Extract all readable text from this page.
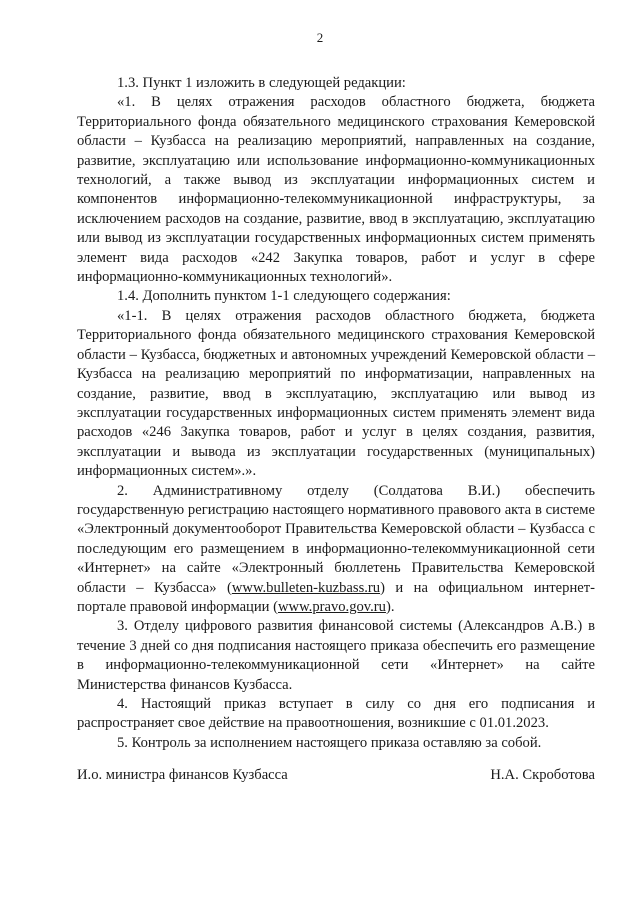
2

1.3. Пункт 1 изложить в следующей редакции:

«1. В целях отражения расходов областного бюджета, бюджета Территориального фонда обязательного медицинского страхования Кемеровской области – Кузбасса на реализацию мероприятий, направленных на создание, развитие, эксплуатацию или использование информационно-коммуникационных технологий, а также вывод из эксплуатации информационных систем и компонентов информационно-телекоммуникационной инфраструктуры, за исключением расходов на создание, развитие, ввод в эксплуатацию, эксплуатацию или вывод из эксплуатации государственных информационных систем применять элемент вида расходов «242 Закупка товаров, работ и услуг в сфере информационно-коммуникационных технологий».

1.4. Дополнить пунктом 1-1 следующего содержания:

«1-1. В целях отражения расходов областного бюджета, бюджета Территориального фонда обязательного медицинского страхования Кемеровской области – Кузбасса, бюджетных и автономных учреждений Кемеровской области – Кузбасса на реализацию мероприятий по информатизации, направленных на создание, развитие, ввод в эксплуатацию, эксплуатацию или вывод из эксплуатации государственных информационных систем применять элемент вида расходов «246 Закупка товаров, работ и услуг в целях создания, развития, эксплуатации и вывода из эксплуатации государственных (муниципальных) информационных систем».».

2. Административному отделу (Солдатова В.И.) обеспечить государственную регистрацию настоящего нормативного правового акта в системе «Электронный документооборот Правительства Кемеровской области – Кузбасса с последующим его размещением в информационно-телекоммуникационной сети «Интернет» на сайте «Электронный бюллетень Правительства Кемеровской области – Кузбасса» (www.bulleten-kuzbass.ru) и на официальном интернет-портале правовой информации (www.pravo.gov.ru).

3. Отделу цифрового развития финансовой системы (Александров А.В.) в течение 3 дней со дня подписания настоящего приказа обеспечить его размещение в информационно-телекоммуникационной сети «Интернет» на сайте Министерства финансов Кузбасса.

4. Настоящий приказ вступает в силу со дня его подписания и распространяет свое действие на правоотношения, возникшие с 01.01.2023.

5. Контроль за исполнением настоящего приказа оставляю за собой.

И.о. министра финансов Кузбасса	Н.А. Скроботова
